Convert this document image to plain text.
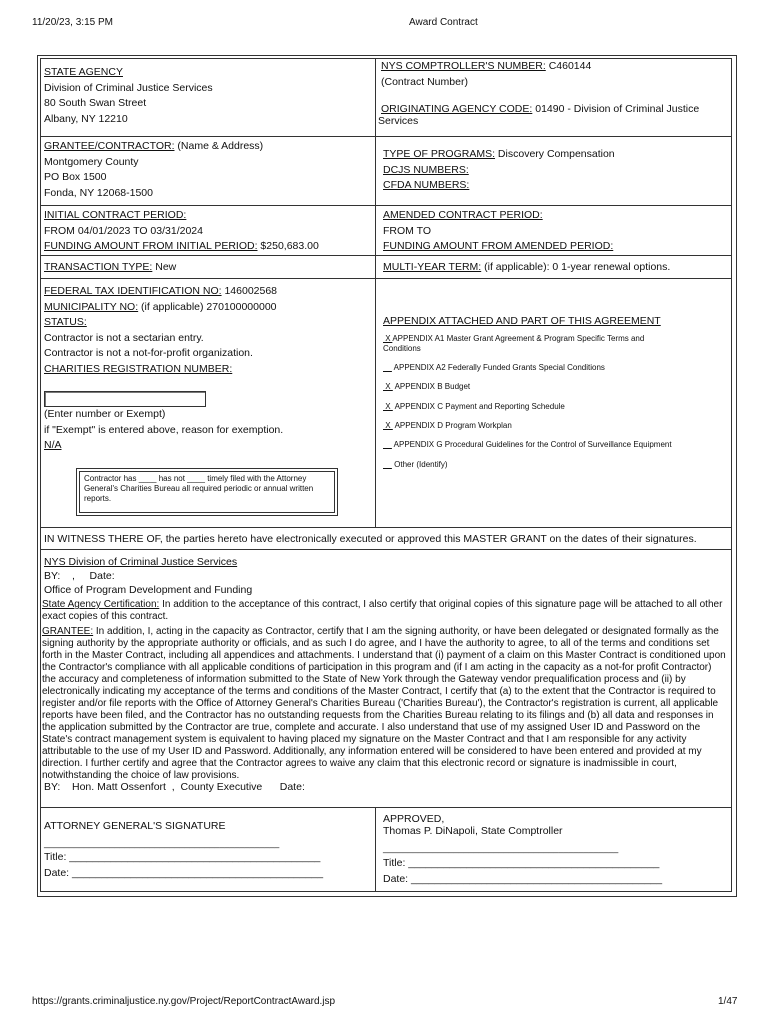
11/20/23, 3:15 PM	Award Contract
STATE AGENCY
Division of Criminal Justice Services
80 South Swan Street
Albany, NY 12210
NYS COMPTROLLER'S NUMBER: C460144
(Contract Number)
ORIGINATING AGENCY CODE: 01490 - Division of Criminal Justice
Services
GRANTEE/CONTRACTOR: (Name & Address)
Montgomery County
PO Box 1500
Fonda, NY 12068-1500
TYPE OF PROGRAMS: Discovery Compensation
DCJS NUMBERS:
CFDA NUMBERS:
INITIAL CONTRACT PERIOD:
FROM 04/01/2023 TO 03/31/2024
FUNDING AMOUNT FROM INITIAL PERIOD: $250,683.00
AMENDED CONTRACT PERIOD:
FROM TO
FUNDING AMOUNT FROM AMENDED PERIOD:
TRANSACTION TYPE: New	MULTI-YEAR TERM: (if applicable): 0 1-year renewal options.
FEDERAL TAX IDENTIFICATION NO: 146002568
MUNICIPALITY NO: (if applicable) 270100000000
STATUS:
Contractor is not a sectarian entry.
Contractor is not a not-for-profit organization.
CHARITIES REGISTRATION NUMBER:
(Enter number or Exempt)
if "Exempt" is entered above, reason for exemption.
N/A
Contractor has ____ has not ____ timely filed with the Attorney General's Charities Bureau all required periodic or annual written reports.
APPENDIX ATTACHED AND PART OF THIS AGREEMENT
X APPENDIX A1 Master Grant Agreement & Program Specific Terms and
Conditions
APPENDIX A2 Federally Funded Grants Special Conditions
X  APPENDIX B Budget
X  APPENDIX C Payment and Reporting Schedule
X  APPENDIX D Program Workplan
APPENDIX G Procedural Guidelines for the Control of Surveillance Equipment
Other (Identify)
IN WITNESS THERE OF, the parties hereto have electronically executed or approved this MASTER GRANT on the dates of their signatures.
NYS Division of Criminal Justice Services
BY:    ,     Date:
Office of Program Development and Funding
State Agency Certification: In addition to the acceptance of this contract, I also certify that original copies of this signature page will be attached to all other exact copies of this contract.
GRANTEE: In addition, I, acting in the capacity as Contractor, certify that I am the signing authority, or have been delegated or designated formally as the signing authority by the appropriate authority or officials, and as such I do agree, and I have the authority to agree, to all of the terms and conditions set forth in the Master Contract, including all appendices and attachments. I understand that (i) payment of a claim on this Master Contract is conditioned upon the Contractor's compliance with all applicable conditions of participation in this program and (if I am acting in the capacity as a not-for profit Contractor) the accuracy and completeness of information submitted to the State of New York through the Gateway vendor prequalification process and (ii) by electronically indicating my acceptance of the terms and conditions of the Master Contract, I certify that (a) to the extent that the Contractor is required to register and/or file reports with the Office of Attorney General's Charities Bureau ('Charities Bureau'), the Contractor's registration is current, all applicable reports have been filed, and the Contractor has no outstanding requests from the Charities Bureau relating to its filings and (b) all data and responses in the application submitted by the Contractor are true, complete and accurate. I also understand that use of my assigned User ID and Password on the State's contract management system is equivalent to having placed my signature on the Master Contract and that I am responsible for any activity attributable to the use of my User ID and Password. Additionally, any information entered will be considered to have been entered and provided at my direction. I further certify and agree that the Contractor agrees to waive any claim that this electronic record or signature is inadmissible in court, notwithstanding the choice of law provisions.
BY:    Hon. Matt Ossenfort  ,  County Executive      Date:
ATTORNEY GENERAL'S SIGNATURE
_______________________________________________
Title: ___________________________________________
Date: ___________________________________________
APPROVED,
Thomas P. DiNapoli, State Comptroller
_______________________________________________
Title: ___________________________________________
Date: ___________________________________________
https://grants.criminaljustice.ny.gov/Project/ReportContractAward.jsp	1/47
